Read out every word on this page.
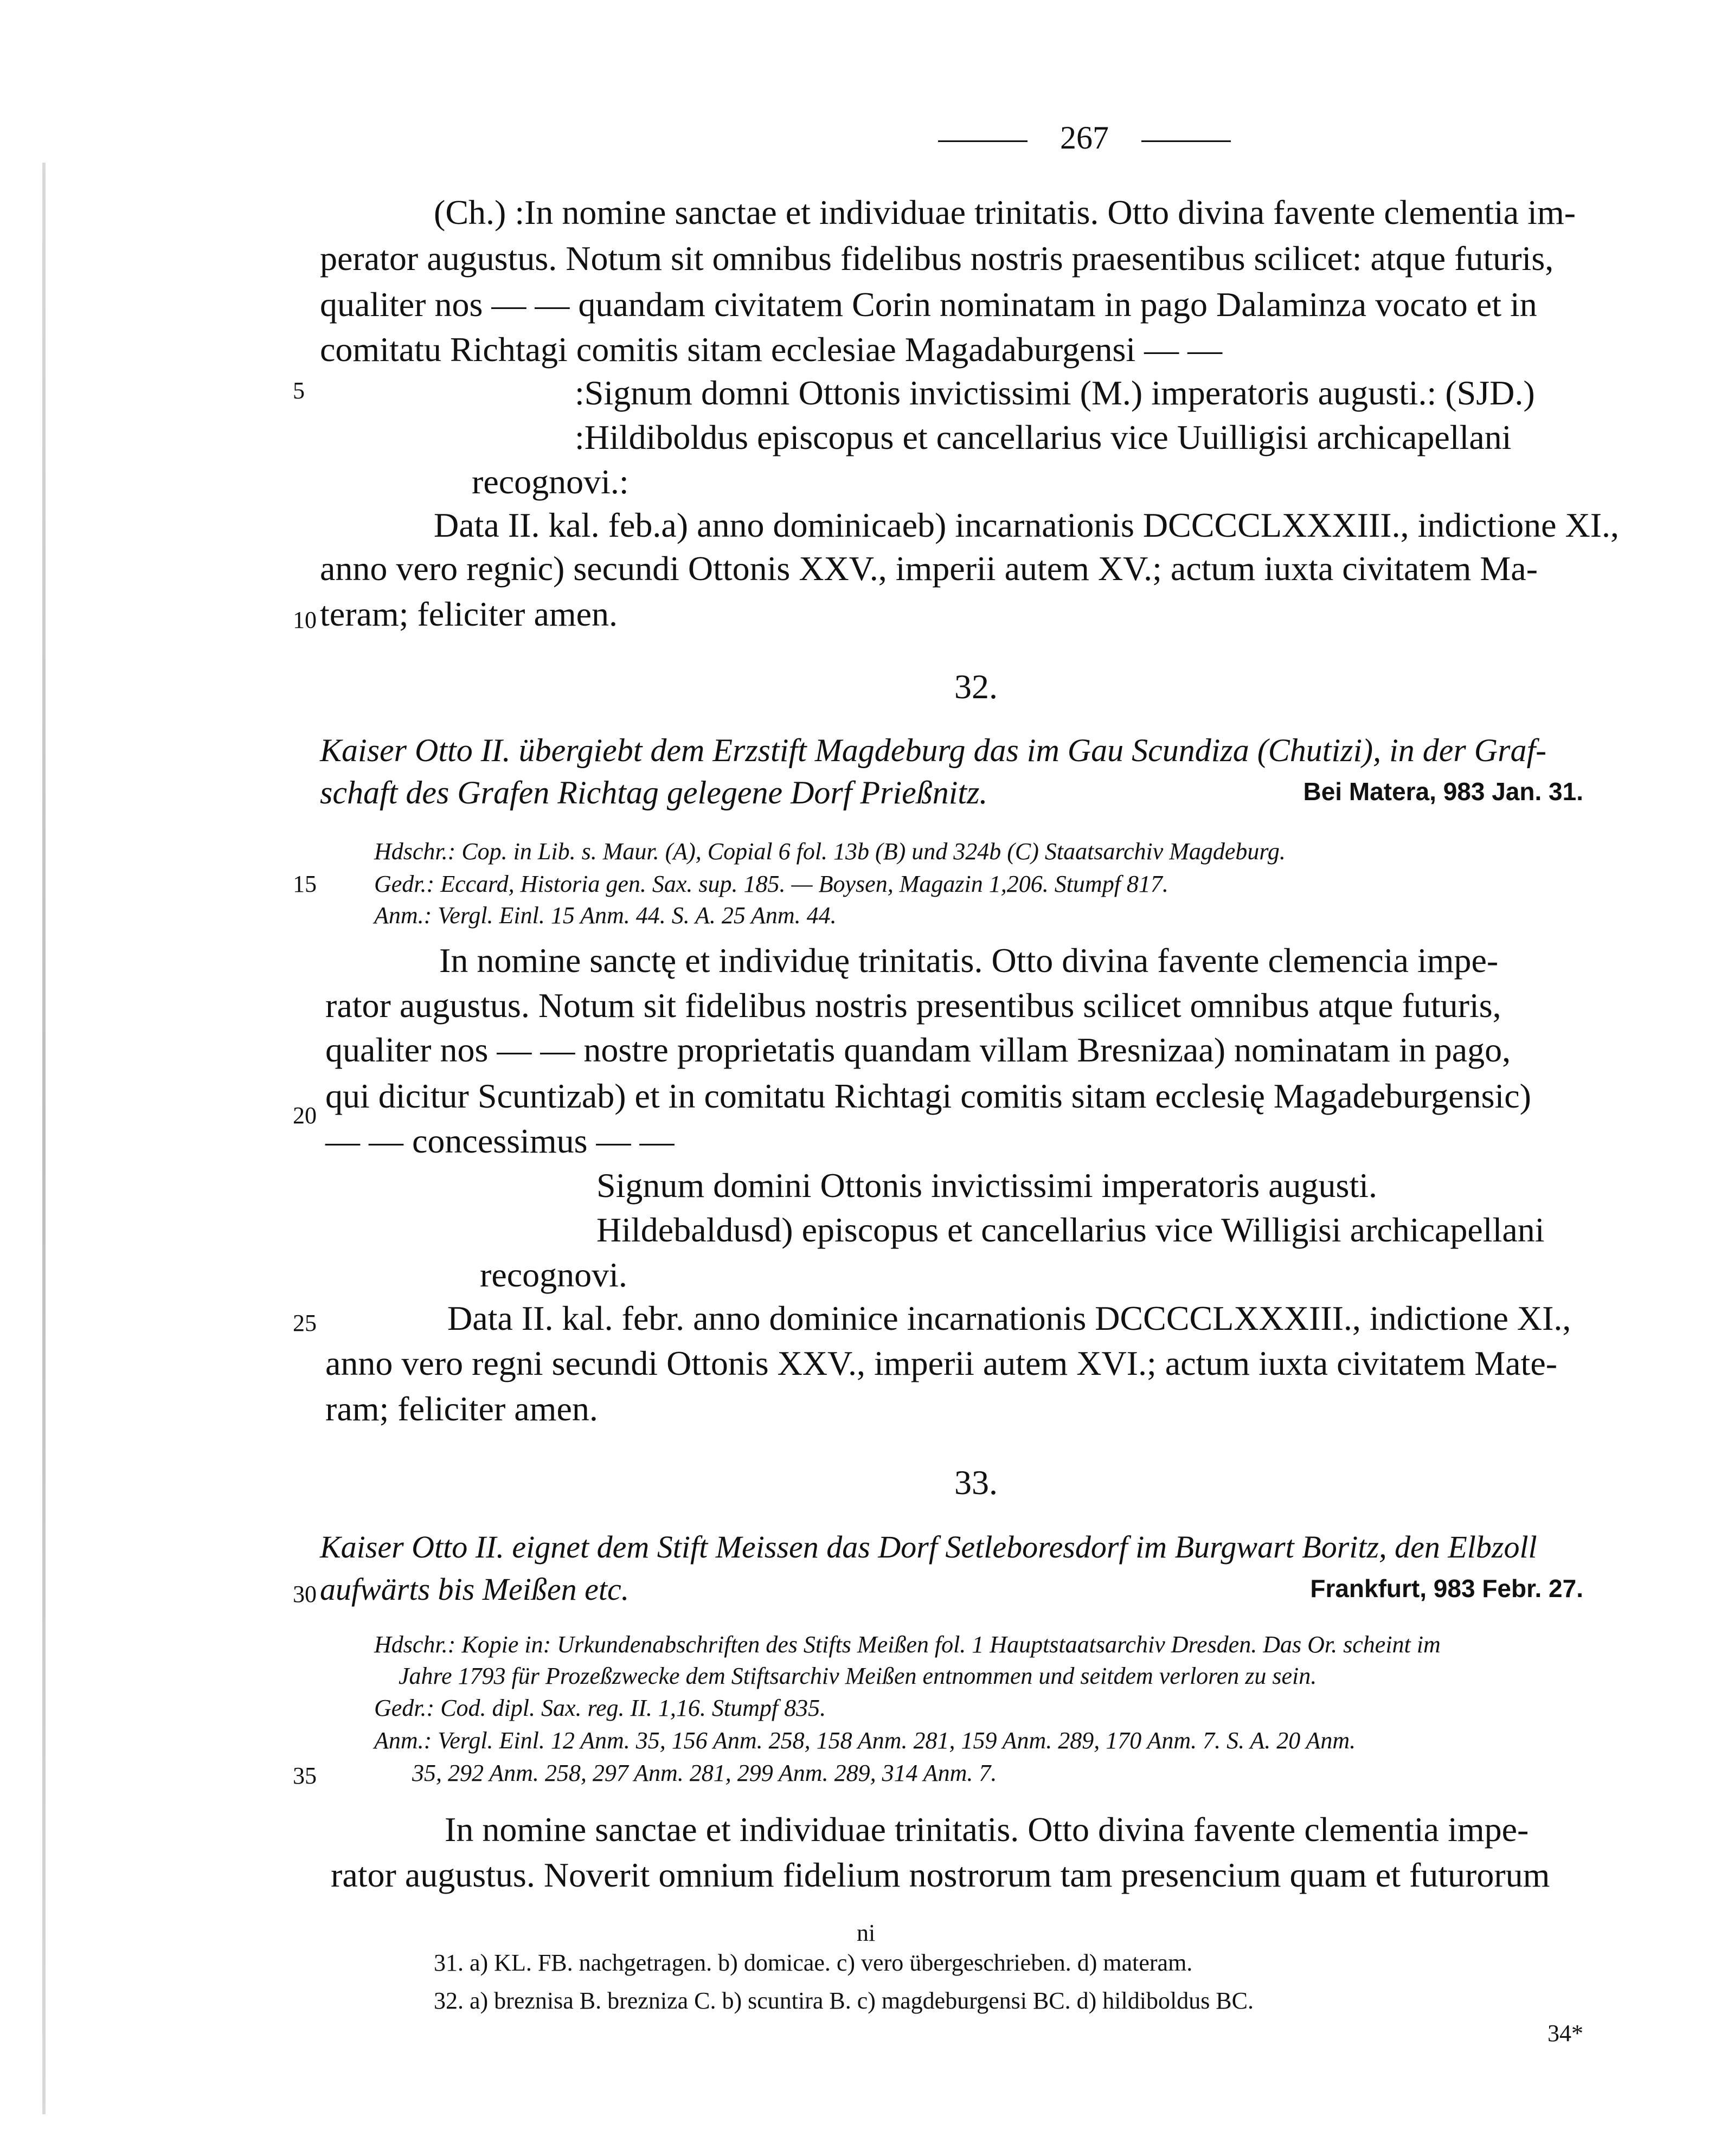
267
5
10
15
20
25
30
35
(Ch.) :In nomine sanctae et individuae trinitatis. Otto divina favente clementia im-
perator augustus. Notum sit omnibus fidelibus nostris praesentibus scilicet: atque futuris,
qualiter nos — — quandam civitatem Corin nominatam in pago Dalaminza vocato et in
comitatu Richtagi comitis sitam ecclesiae Magadaburgensi — —
:Signum domni Ottonis invictissimi (M.) imperatoris augusti.: (SJD.)
:Hildiboldus episcopus et cancellarius vice Uuilligisi archicapellani
recognovi.:
Data II. kal. feb.a) anno dominicaeb) incarnationis DCCCCLXXXIII., indictione XI.,
anno vero regnic) secundi Ottonis XXV., imperii autem XV.; actum iuxta civitatem Ma-
teram; feliciter amen.
32.
Kaiser Otto II. übergiebt dem Erzstift Magdeburg das im Gau Scundiza (Chutizi), in der Graf-
schaft des Grafen Richtag gelegene Dorf Prießnitz.	Bei Matera, 983 Jan. 31.
Hdschr.: Cop. in Lib. s. Maur. (A), Copial 6 fol. 13b (B) und 324b (C) Staatsarchiv Magdeburg.
Gedr.: Eccard, Historia gen. Sax. sup. 185. — Boysen, Magazin 1,206. Stumpf 817.
Anm.: Vergl. Einl. 15 Anm. 44. S. A. 25 Anm. 44.
In nomine sanctę et individuę trinitatis. Otto divina favente clemencia impe-
rator augustus. Notum sit fidelibus nostris presentibus scilicet omnibus atque futuris,
qualiter nos — — nostre proprietatis quandam villam Bresnizaa) nominatam in pago,
qui dicitur Scuntizab) et in comitatu Richtagi comitis sitam ecclesię Magadeburgensic)
— — concessimus — —
Signum domini Ottonis invictissimi imperatoris augusti.
Hildebaldusd) episcopus et cancellarius vice Willigisi archicapellani
recognovi.
Data II. kal. febr. anno dominice incarnationis DCCCCLXXXIII., indictione XI.,
anno vero regni secundi Ottonis XXV., imperii autem XVI.; actum iuxta civitatem Mate-
ram; feliciter amen.
33.
Kaiser Otto II. eignet dem Stift Meissen das Dorf Setleboresdorf im Burgwart Boritz, den Elbzoll
aufwärts bis Meißen etc.	Frankfurt, 983 Febr. 27.
Hdschr.: Kopie in: Urkundenabschriften des Stifts Meißen fol. 1 Hauptstaatsarchiv Dresden. Das Or. scheint im
Jahre 1793 für Prozeßzwecke dem Stiftsarchiv Meißen entnommen und seitdem verloren zu sein.
Gedr.: Cod. dipl. Sax. reg. II. 1,16. Stumpf 835.
Anm.: Vergl. Einl. 12 Anm. 35, 156 Anm. 258, 158 Anm. 281, 159 Anm. 289, 170 Anm. 7. S. A. 20 Anm.
35, 292 Anm. 258, 297 Anm. 281, 299 Anm. 289, 314 Anm. 7.
In nomine sanctae et individuae trinitatis. Otto divina favente clementia impe-
rator augustus. Noverit omnium fidelium nostrorum tam presencium quam et futurorum
ni
31. a) KL. FB. nachgetragen. b) domicae. c) vero übergeschrieben. d) materam.
32. a) breznisa B. brezniza C. b) scuntira B. c) magdeburgensi BC. d) hildiboldus BC.
34*
